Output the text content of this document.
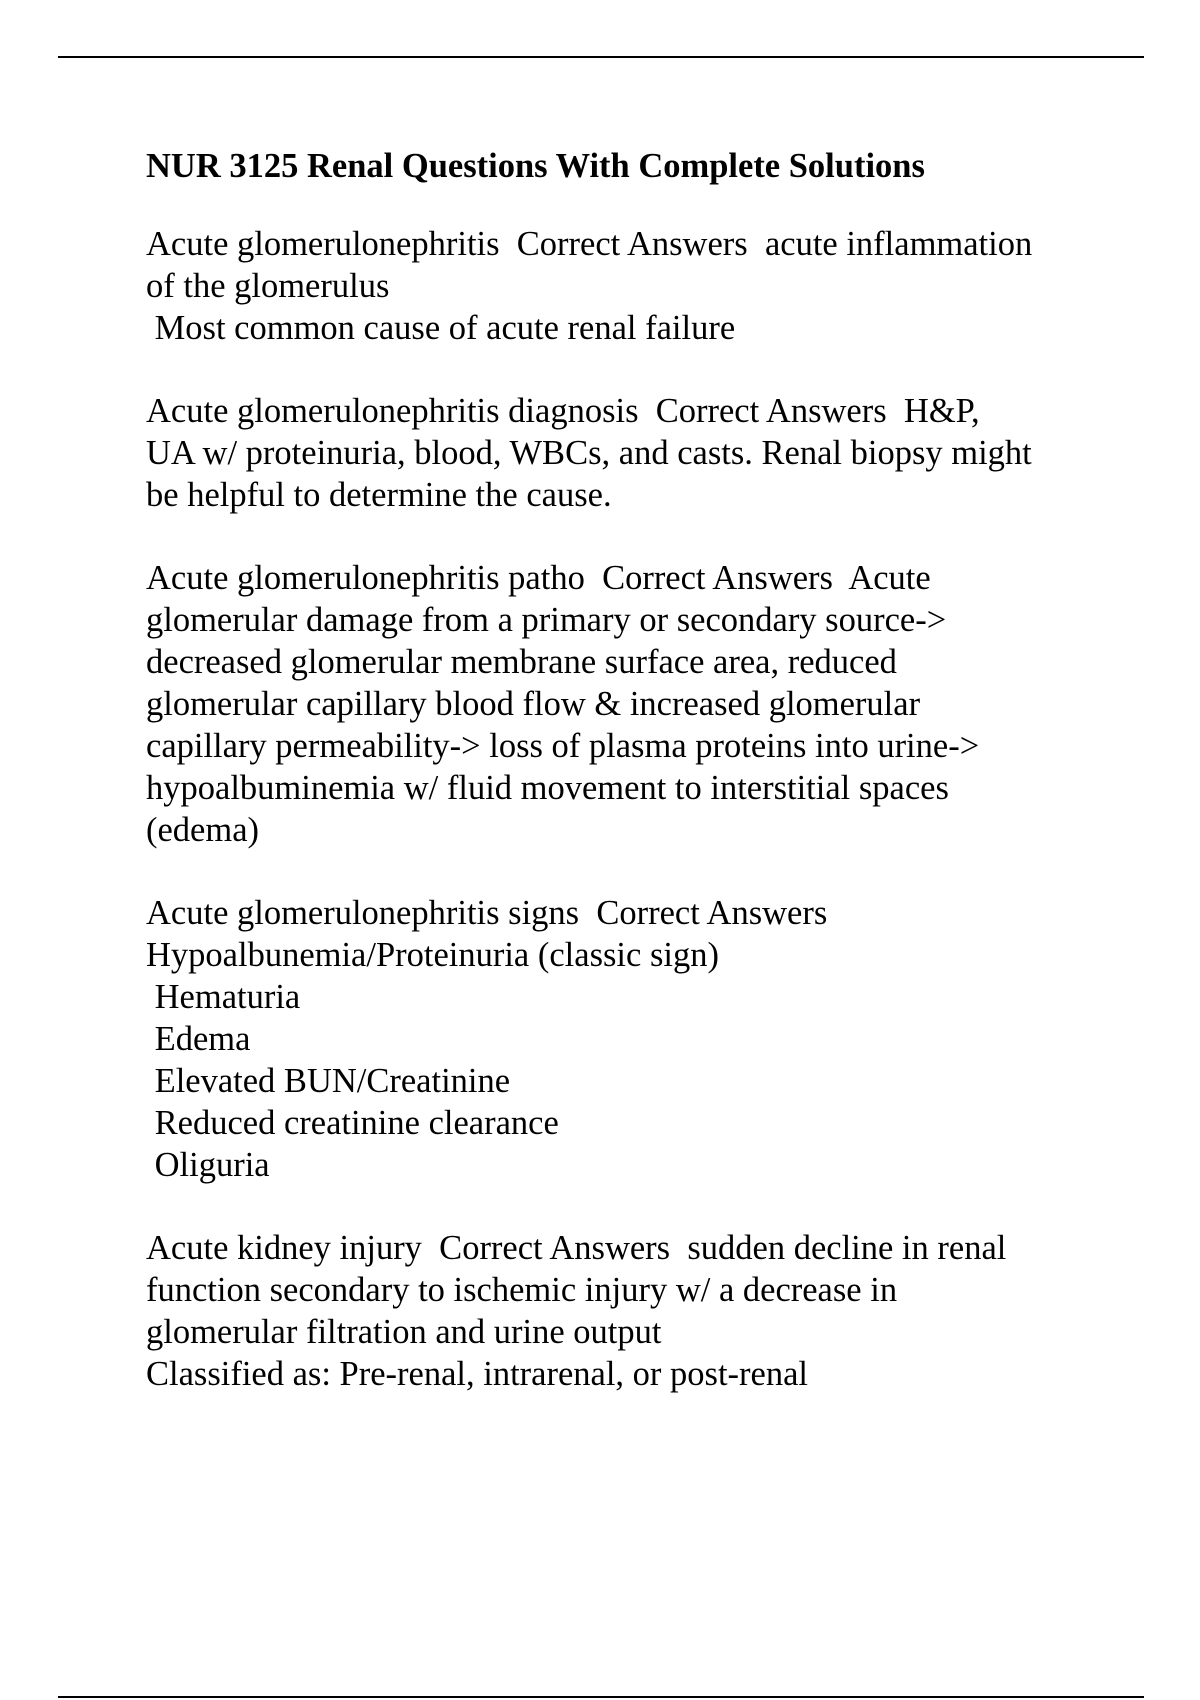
NUR 3125 Renal Questions With Complete Solutions

Acute glomerulonephritis  Correct Answers  acute inflammation

of the glomerulus

Most common cause of acute renal failure

Acute glomerulonephritis diagnosis  Correct Answers  H&P,

UA w/ proteinuria, blood, WBCs, and casts. Renal biopsy might

be helpful to determine the cause.

Acute glomerulonephritis patho  Correct Answers  Acute

glomerular damage from a primary or secondary source->

decreased glomerular membrane surface area, reduced

glomerular capillary blood flow & increased glomerular

capillary permeability-> loss of plasma proteins into urine->

hypoalbuminemia w/ fluid movement to interstitial spaces

(edema)

Acute glomerulonephritis signs  Correct Answers

Hypoalbunemia/Proteinuria (classic sign)

Hematuria

Edema

Elevated BUN/Creatinine

Reduced creatinine clearance

Oliguria

Acute kidney injury  Correct Answers  sudden decline in renal

function secondary to ischemic injury w/ a decrease in

glomerular filtration and urine output

Classified as: Pre-renal, intrarenal, or post-renal
